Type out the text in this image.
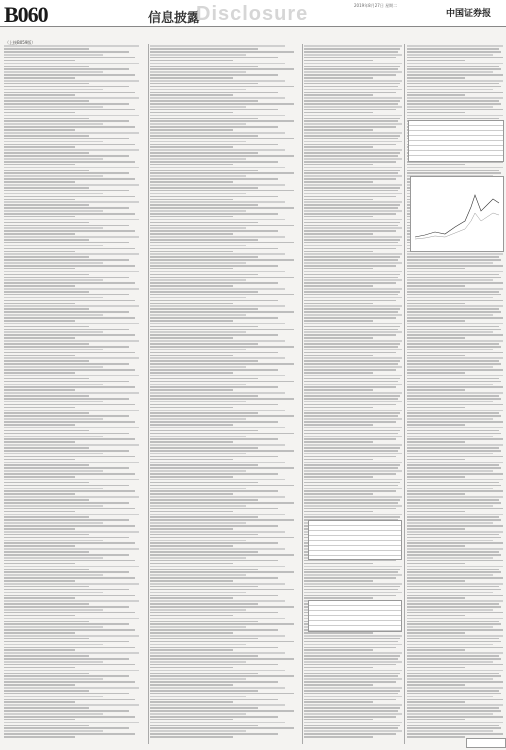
B060	信息披露
Disclosure	2019年8月27日 星期二
中国证券报
（上接B059版）
